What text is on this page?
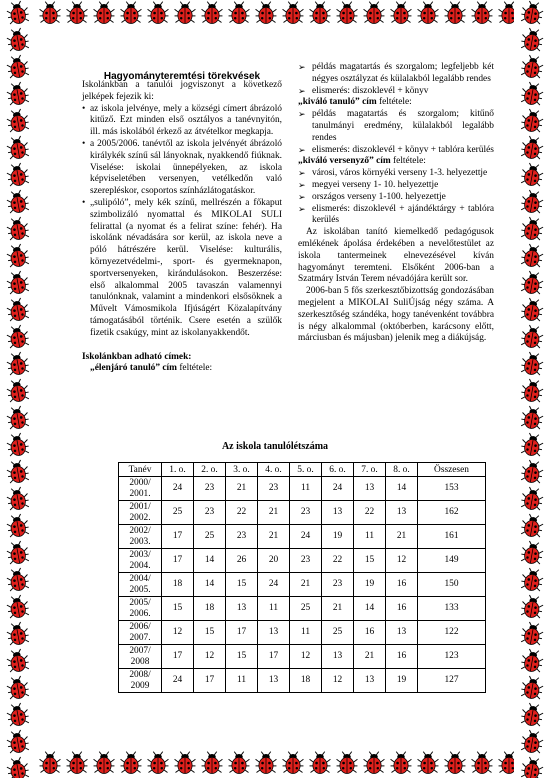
Hagyományteremtési törekvések

Iskolánkban a tanulói jogviszonyt a következő jelképek fejezik ki:

• az iskola jelvénye, mely a községi címert ábrázoló kitűző. Ezt minden első osztályos a tanévnyitón, ill. más iskolából érkező az átvételkor megkapja.

• a 2005/2006. tanévtől az iskola jelvényét ábrázoló királykék színű sál lányoknak, nyakkendő fiúknak. Viselése: iskolai ünnepélyeken, az iskola képviseletében versenyen, vetélkedőn való szerepléskor, csoportos színházlátogatáskor.

• „sulipóló”, mely kék színű, mellrészén a főkaput szimbolizáló nyomattal és MIKOLAI SULI felirattal (a nyomat és a felirat színe: fehér). Ha iskolánk névadására sor kerül, az iskola neve a póló hátrészére kerül. Viselése: kulturális, környezetvédelmi-, sport- és gyermeknapon, sportversenyeken, kirándulásokon. Beszerzése: első alkalommal 2005 tavaszán valamennyi tanulónknak, valamint a mindenkori elsősöknek a Művelt Vámosmikola Ifjúságért Közalapítvány támogatásából történik. Csere esetén a szülők fizetik csakúgy, mint az iskolanyakkendőt.

Iskolánkban adható címek:

„élenjáró tanuló” cím feltétele:

➢ példás magatartás és szorgalom; legfeljebb két négyes osztályzat és külalakból legalább rendes
➢ elismerés: diszoklevél + könyv

„kiváló tanuló” cím feltétele:

➢ példás magatartás és szorgalom; kitűnő tanulmányi eredmény, külalakból legalább rendes
➢ elismerés: diszoklevél + könyv + tablóra kerülés

„kiváló versenyző” cím feltétele:

➢ városi, város környéki verseny 1-3. helyezettje
➢ megyei verseny 1- 10. helyezettje
➢ országos verseny 1-100. helyezettje
➢ elismerés: diszoklevél + ajándéktárgy + tablóra kerülés

Az iskolában tanító kiemelkedő pedagógusok emlékének ápolása érdekében a nevelőtestület az iskola tantermeinek elnevezésével kíván hagyományt teremteni. Elsőként 2006-ban a Szatmáry István Terem névadójára került sor.

2006-ban 5 fős szerkesztőbizottság gondozásában megjelent a MIKOLAI SuliÚjság négy száma. A szerkesztőség szándéka, hogy tanévenként továbbra is négy alkalommal (októberben, karácsony előtt, márciusban és májusban) jelenik meg a diákújság.

Az iskola tanulólétszáma
Tanév	1. o.	2. o.	3. o.	4. o.	5. o.	6. o.	7. o.	8. o.	Összesen
2000/ 2001.	24	23	21	23	11	24	13	14	153
2001/ 2002.	25	23	22	21	23	13	22	13	162
2002/ 2003.	17	25	23	21	24	19	11	21	161
2003/ 2004.	17	14	26	20	23	22	15	12	149
2004/ 2005.	18	14	15	24	21	23	19	16	150
2005/ 2006.	15	18	13	11	25	21	14	16	133
2006/ 2007.	12	15	17	13	11	25	16	13	122
2007/ 2008	17	12	15	17	12	13	21	16	123
2008/ 2009	24	17	11	13	18	12	13	19	127
